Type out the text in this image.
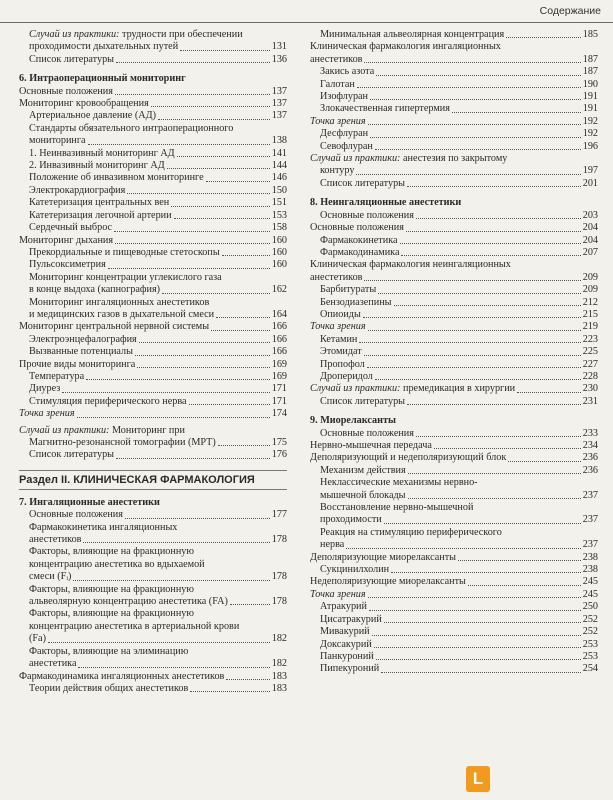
Содержание
Случай из практики: трудности при обеспечении
проходимости дыхательных путей	131
Список литературы	136
6. Интраоперационный мониторинг
Основные положения	137
Мониторинг кровообращения	137
Артериальное давление (АД)	137
Стандарты обязательного интраоперационного
мониторинга	138
1. Неинвазивный мониторинг АД	141
2. Инвазивный мониторинг АД	144
Положение об инвазивном мониторинге	146
Электрокардиография	150
Катетеризация центральных вен	151
Катетеризация легочной артерии	153
Сердечный выброс	158
Мониторинг дыхания	160
Прекордиальные и пищеводные стетоскопы	160
Пульсоксиметрия	160
Мониторинг концентрации углекислого газа
в конце выдоха (капнография)	162
Мониторинг ингаляционных анестетиков
и медицинских газов в дыхательной смеси	164
Мониторинг центральной нервной системы	166
Электроэнцефалография	166
Вызванные потенциалы	166
Прочие виды мониторинга	169
Температура	169
Диурез	171
Стимуляция периферического нерва	171
Точка зрения	174
Случай из практики: Мониторинг при
Магнитно-резонансной томографии (МРТ)	175
Список литературы	176
Раздел II. КЛИНИЧЕСКАЯ ФАРМАКОЛОГИЯ
7. Ингаляционные анестетики
Основные положения	177
Фармакокинетика ингаляционных
анестетиков	178
Факторы, влияющие на фракционную
концентрацию анестетика во вдыхаемой
смеси (Fᵢ)	178
Факторы, влияющие на фракционную
альвеолярную концентрацию анестетика (FA)	178
Факторы, влияющие на фракционную
концентрацию анестетика в артериальной крови
(Fa)	182
Факторы, влияющие на элиминацию
анестетика	182
Фармакодинамика ингаляционных анестетиков	183
Теории действия общих анестетиков	183
Минимальная альвеолярная концентрация	185
Клиническая фармакология ингаляционных
анестетиков	187
Закись азота	187
Галотан	190
Изофлуран	191
Злокачественная гипертермия	191
Точка зрения	192
Десфлуран	192
Севофлуран	196
Случай из практики: анестезия по закрытому
контуру	197
Список литературы	201
8. Неингаляционные анестетики
Основные положения	203
Основные положения	204
Фармакокинетика	204
Фармакодинамика	207
Клиническая фармакология неингаляционных
анестетиков	209
Барбитураты	209
Бензодиазепины	212
Опиоиды	215
Точка зрения	219
Кетамин	223
Этомидат	225
Пропофол	227
Дроперидол	228
Случай из практики: премедикация в хирургии	230
Список литературы	231
9. Миорелаксанты
Основные положения	233
Нервно-мышечная передача	234
Деполяризующий и недеполяризующий блок	236
Механизм действия	236
Неклассические механизмы нервно-
мышечной блокады	237
Восстановление нервно-мышечной
проходимости	237
Реакция на стимуляцию периферического
нерва	237
Деполяризующие миорелаксанты	238
Сукцинилхолин	238
Недеполяризующие миорелаксанты	245
Точка зрения	245
Атракурий	250
Цисатракурий	252
Мивакурий	252
Доксакурий	253
Панкуроний	253
Пипекуроний	254
L
